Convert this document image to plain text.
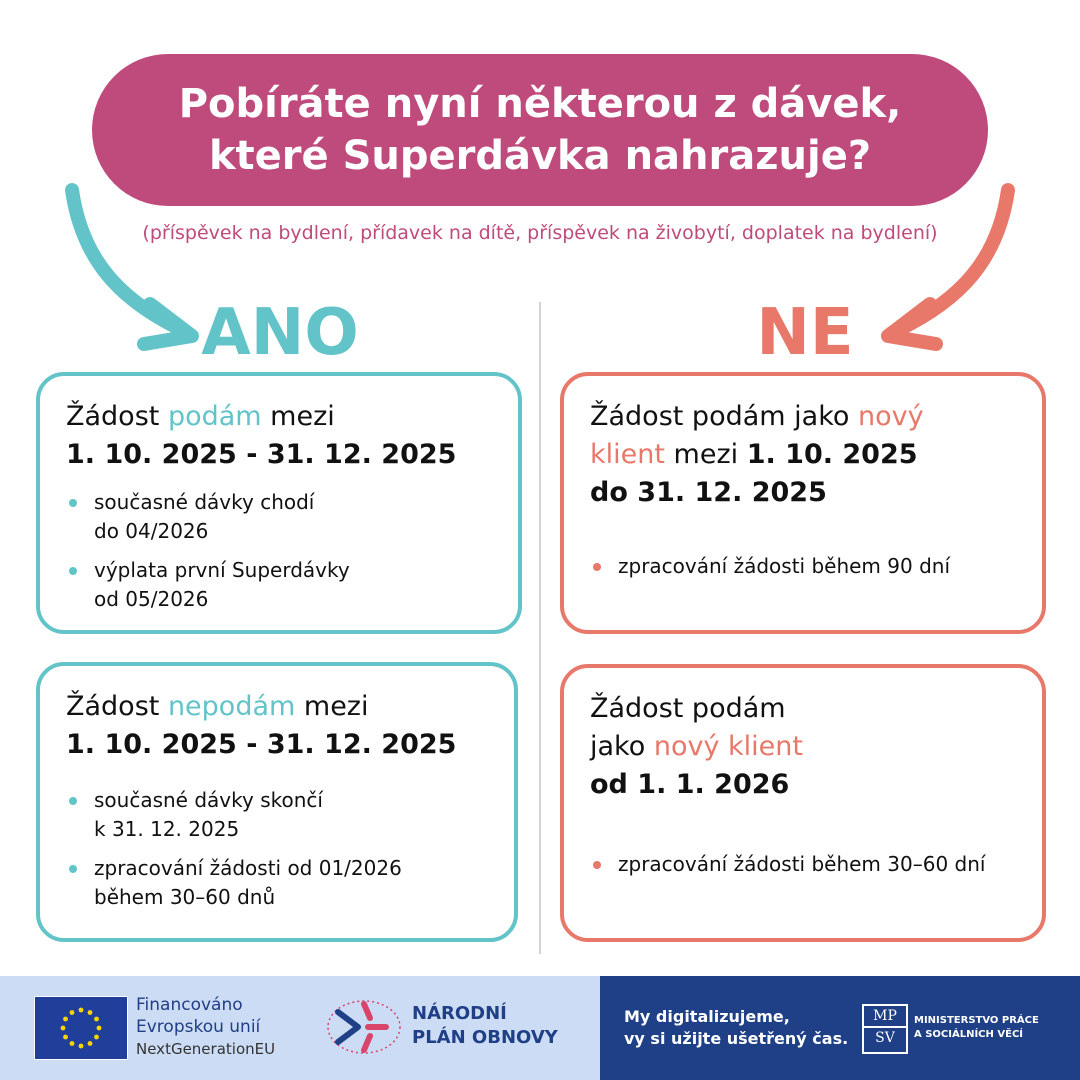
Pobíráte nyní některou z dávek,
které Superdávka nahrazuje?
(příspěvek na bydlení, přídavek na dítě, příspěvek na živobytí, doplatek na bydlení)
ANO	NE
Žádost podám mezi
1. 10. 2025 - 31. 12. 2025
současné dávky chodí
do 04/2026
výplata první Superdávky
od 05/2026
Žádost nepodám mezi
1. 10. 2025 - 31. 12. 2025
současné dávky skončí
k 31. 12. 2025
zpracování žádosti od 01/2026
během 30–60 dnů
Žádost podám jako nový
klient mezi 1. 10. 2025
do 31. 12. 2025
zpracování žádosti během 90 dní
Žádost podám
jako nový klient
od 1. 1. 2026
zpracování žádosti během 30–60 dní
Financováno
Evropskou unií
NextGenerationEU
NÁRODNÍ
PLÁN OBNOVY
My digitalizujeme,
vy si užijte ušetřený čas.
MP
SV
MINISTERSTVO PRÁCE
A SOCIÁLNÍCH VĚCÍ
